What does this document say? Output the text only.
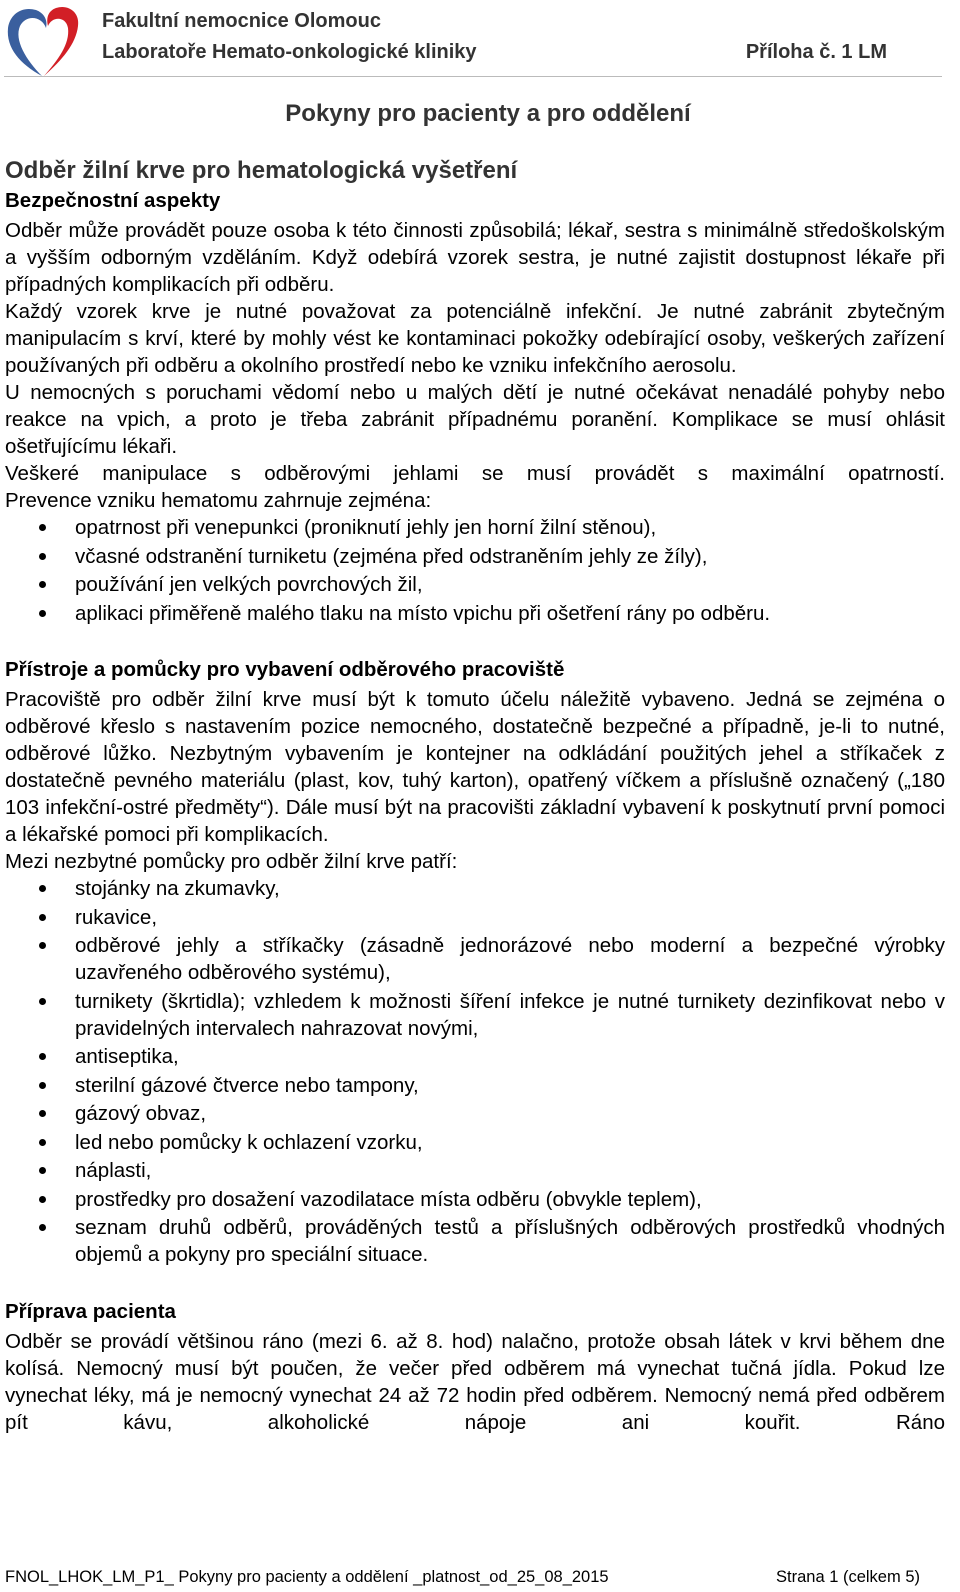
Fakultní nemocnice Olomouc
Laboratoře Hemato-onkologické kliniky	Příloha č. 1 LM
Pokyny pro pacienty a pro oddělení
Odběr žilní krve pro hematologická vyšetření
Bezpečnostní aspekty

Odběr může provádět pouze osoba k této činnosti způsobilá; lékař, sestra s minimálně středoškolským a vyšším odborným vzděláním. Když odebírá vzorek sestra, je nutné zajistit dostupnost lékaře při případných komplikacích při odběru.

Každý vzorek krve je nutné považovat za potenciálně infekční. Je nutné zabránit zbytečným manipulacím s krví, které by mohly vést ke kontaminaci pokožky odebírající osoby, veškerých zařízení používaných při odběru a okolního prostředí nebo ke vzniku infekčního aerosolu.

U nemocných s poruchami vědomí nebo u malých dětí je nutné očekávat nenadálé pohyby nebo reakce na vpich, a proto je třeba zabránit případnému poranění. Komplikace se musí ohlásit ošetřujícímu lékaři.

Veškeré manipulace s odběrovými jehlami se musí provádět s maximální opatrností.

Prevence vzniku hematomu zahrnuje zejména:

opatrnost při venepunkci (proniknutí jehly jen horní žilní stěnou),
včasné odstranění turniketu (zejména před odstraněním jehly ze žíly),
používání jen velkých povrchových žil,
aplikaci přiměřeně malého tlaku na místo vpichu při ošetření rány po odběru.
Přístroje a pomůcky pro vybavení odběrového pracoviště

Pracoviště pro odběr žilní krve musí být k tomuto účelu náležitě vybaveno. Jedná se zejména o odběrové křeslo s nastavením pozice nemocného, dostatečně bezpečné a případně, je-li to nutné, odběrové lůžko. Nezbytným vybavením je kontejner na odkládání použitých jehel a stříkaček z dostatečně pevného materiálu (plast, kov, tuhý karton), opatřený víčkem a příslušně označený („180 103 infekční-ostré předměty“). Dále musí být na pracovišti základní vybavení k poskytnutí první pomoci a lékařské pomoci při komplikacích.

Mezi nezbytné pomůcky pro odběr žilní krve patří:

stojánky na zkumavky,
rukavice,
odběrové jehly a stříkačky (zásadně jednorázové nebo moderní a bezpečné výrobky uzavřeného odběrového systému),
turnikety (škrtidla); vzhledem k možnosti šíření infekce je nutné turnikety dezinfikovat nebo v pravidelných intervalech nahrazovat novými,
antiseptika,
sterilní gázové čtverce nebo tampony,
gázový obvaz,
led nebo pomůcky k ochlazení vzorku,
náplasti,
prostředky pro dosažení vazodilatace místa odběru (obvykle teplem),
seznam druhů odběrů, prováděných testů a příslušných odběrových prostředků vhodných objemů a pokyny pro speciální situace.
Příprava pacienta

Odběr se provádí většinou ráno (mezi 6. až 8. hod) nalačno, protože obsah látek v krvi během dne kolísá. Nemocný musí být poučen, že večer před odběrem má vynechat tučná jídla. Pokud lze vynechat léky, má je nemocný vynechat 24 až 72 hodin před odběrem. Nemocný nemá před odběrem pít kávu, alkoholické nápoje ani kouřit. Ráno

FNOL_LHOK_LM_P1_ Pokyny pro pacienty a oddělení _platnost_od_25_08_2015	Strana 1 (celkem 5)
